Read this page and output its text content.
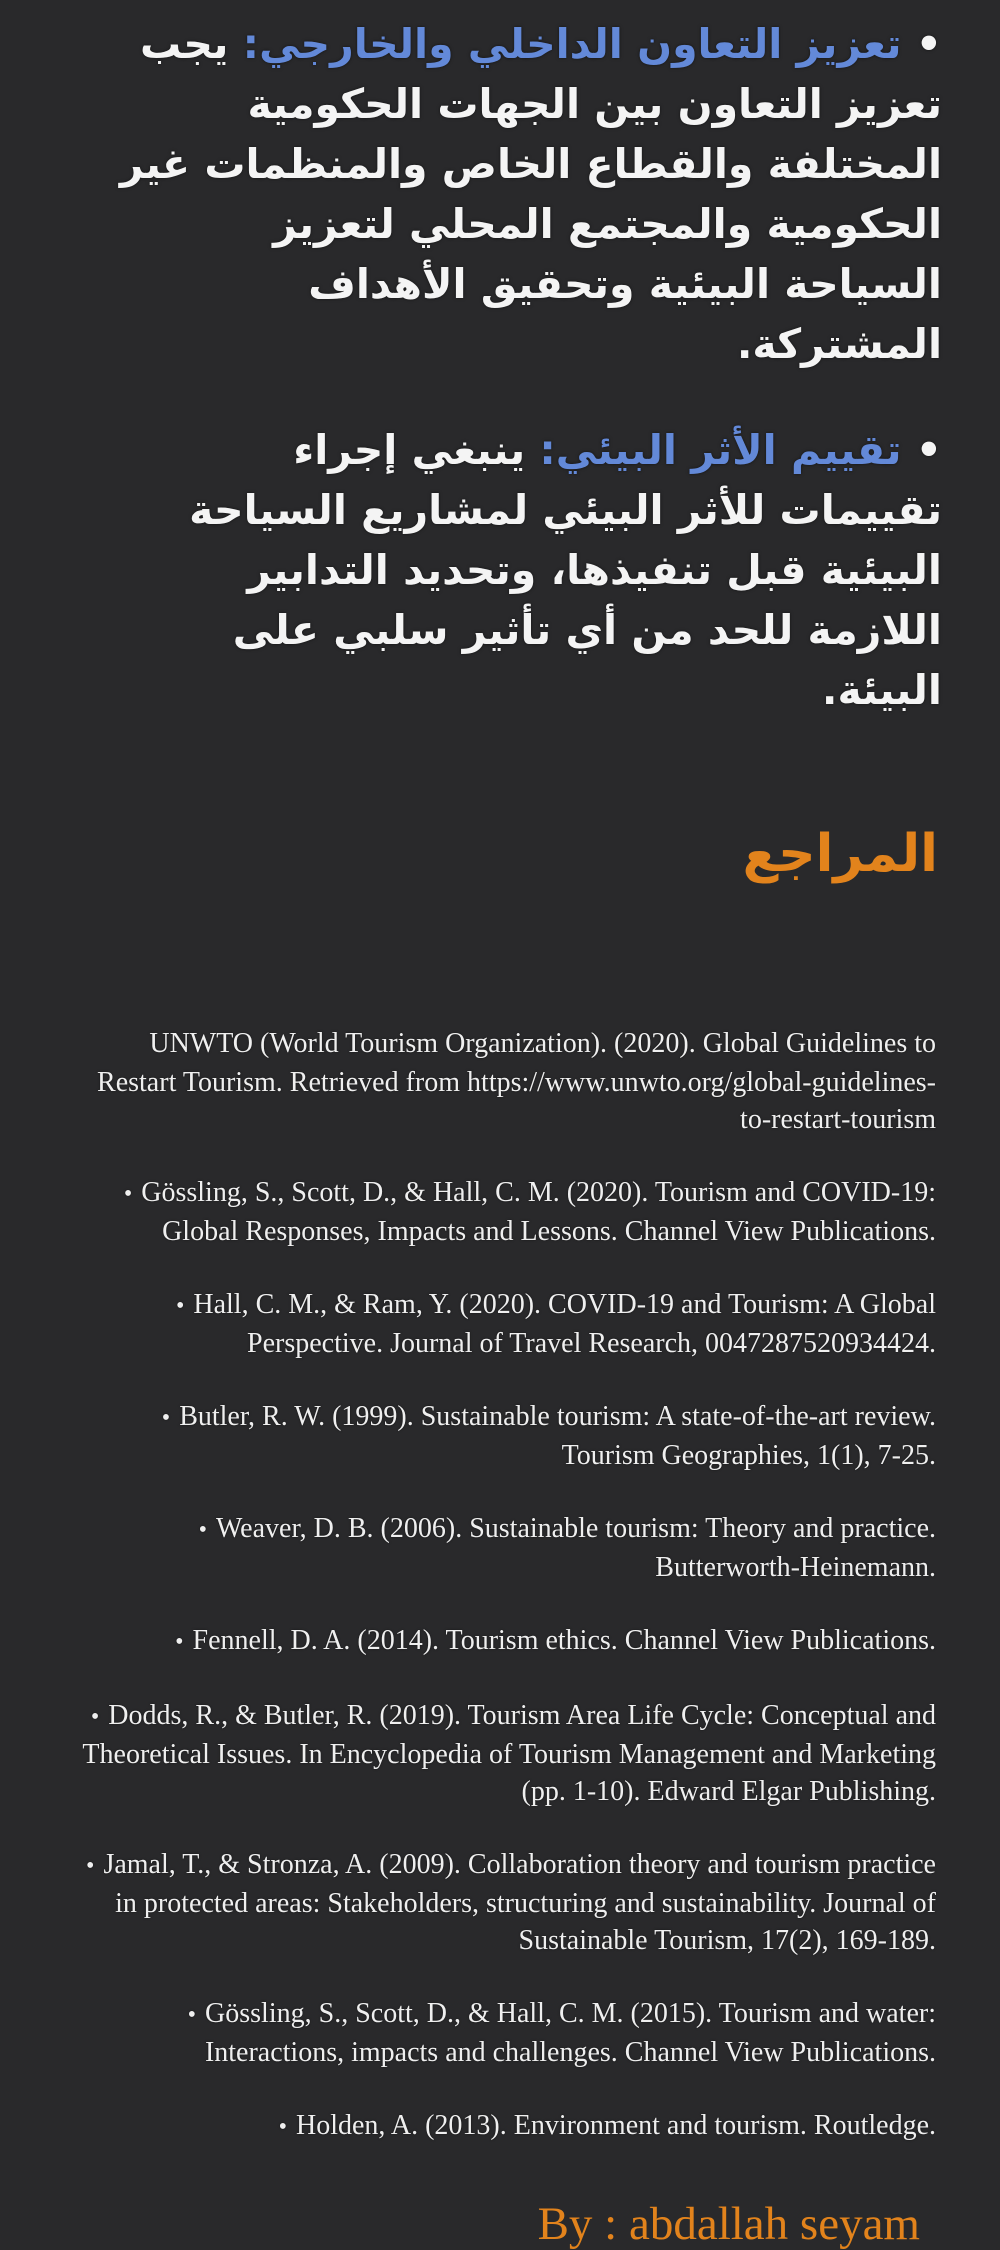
• تعزيز التعاون الداخلي والخارجي: يجب تعزيز التعاون بين الجهات الحكومية المختلفة والقطاع الخاص والمنظمات غير الحكومية والمجتمع المحلي لتعزيز السياحة البيئية وتحقيق الأهداف المشتركة.

• تقييم الأثر البيئي: ينبغي إجراء تقييمات للأثر البيئي لمشاريع السياحة البيئية قبل تنفيذها، وتحديد التدابير اللازمة للحد من أي تأثير سلبي على البيئة.

المراجع

UNWTO (World Tourism Organization). (2020). Global Guidelines to Restart Tourism. Retrieved from https://www.unwto.org/global-guidelines-to-restart-tourism

• Gössling, S., Scott, D., & Hall, C. M. (2020). Tourism and COVID-19: Global Responses, Impacts and Lessons. Channel View Publications.

• Hall, C. M., & Ram, Y. (2020). COVID-19 and Tourism: A Global Perspective. Journal of Travel Research, 0047287520934424.

• Butler, R. W. (1999). Sustainable tourism: A state-of-the-art review. Tourism Geographies, 1(1), 7-25.

• Weaver, D. B. (2006). Sustainable tourism: Theory and practice. Butterworth-Heinemann.

• Fennell, D. A. (2014). Tourism ethics. Channel View Publications.

• Dodds, R., & Butler, R. (2019). Tourism Area Life Cycle: Conceptual and Theoretical Issues. In Encyclopedia of Tourism Management and Marketing (pp. 1-10). Edward Elgar Publishing.

• Jamal, T., & Stronza, A. (2009). Collaboration theory and tourism practice in protected areas: Stakeholders, structuring and sustainability. Journal of Sustainable Tourism, 17(2), 169-189.

• Gössling, S., Scott, D., & Hall, C. M. (2015). Tourism and water: Interactions, impacts and challenges. Channel View Publications.

• Holden, A. (2013). Environment and tourism. Routledge.

By : abdallah seyam
